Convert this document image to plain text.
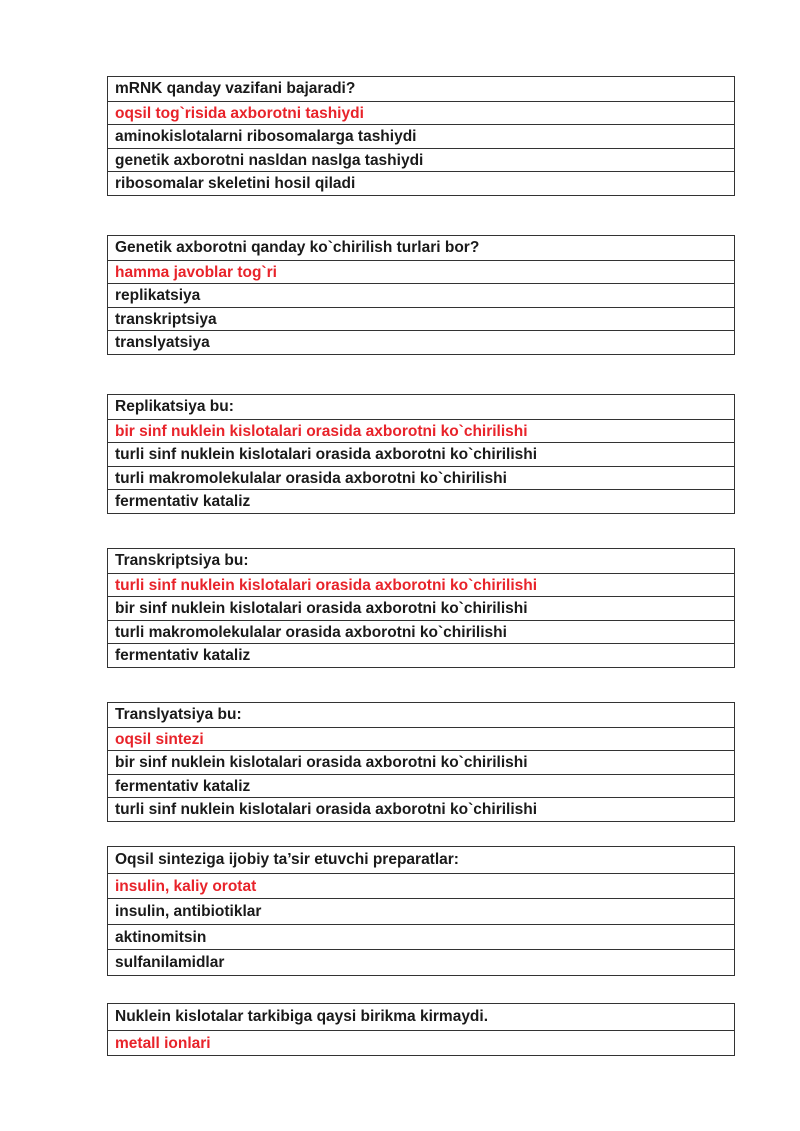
mRNK qanday vazifani bajaradi?
oqsil tog`risida axborotni tashiydi
aminokislotalarni ribosomalarga tashiydi
genetik axborotni nasldan naslga tashiydi
ribosomalar skeletini hosil qiladi
Genetik axborotni qanday ko`chirilish turlari bor?
hamma javoblar tog`ri
replikatsiya
transkriptsiya
translyatsiya
Replikatsiya bu:
bir sinf nuklein kislotalari orasida axborotni ko`chirilishi
turli sinf nuklein kislotalari orasida axborotni ko`chirilishi
turli makromolekulalar orasida axborotni ko`chirilishi
fermentativ kataliz
Transkriptsiya bu:
turli sinf nuklein kislotalari orasida axborotni ko`chirilishi
bir sinf nuklein kislotalari orasida axborotni ko`chirilishi
turli makromolekulalar orasida axborotni ko`chirilishi
fermentativ kataliz
Translyatsiya bu:
oqsil sintezi
bir sinf nuklein kislotalari orasida axborotni ko`chirilishi
fermentativ kataliz
turli sinf nuklein kislotalari orasida axborotni ko`chirilishi
Oqsil sinteziga ijobiy ta’sir etuvchi preparatlar:
insulin, kaliy orotat
insulin, antibiotiklar
aktinomitsin
sulfanilamidlar
Nuklein kislotalar tarkibiga qaysi birikma kirmaydi.
metall ionlari
